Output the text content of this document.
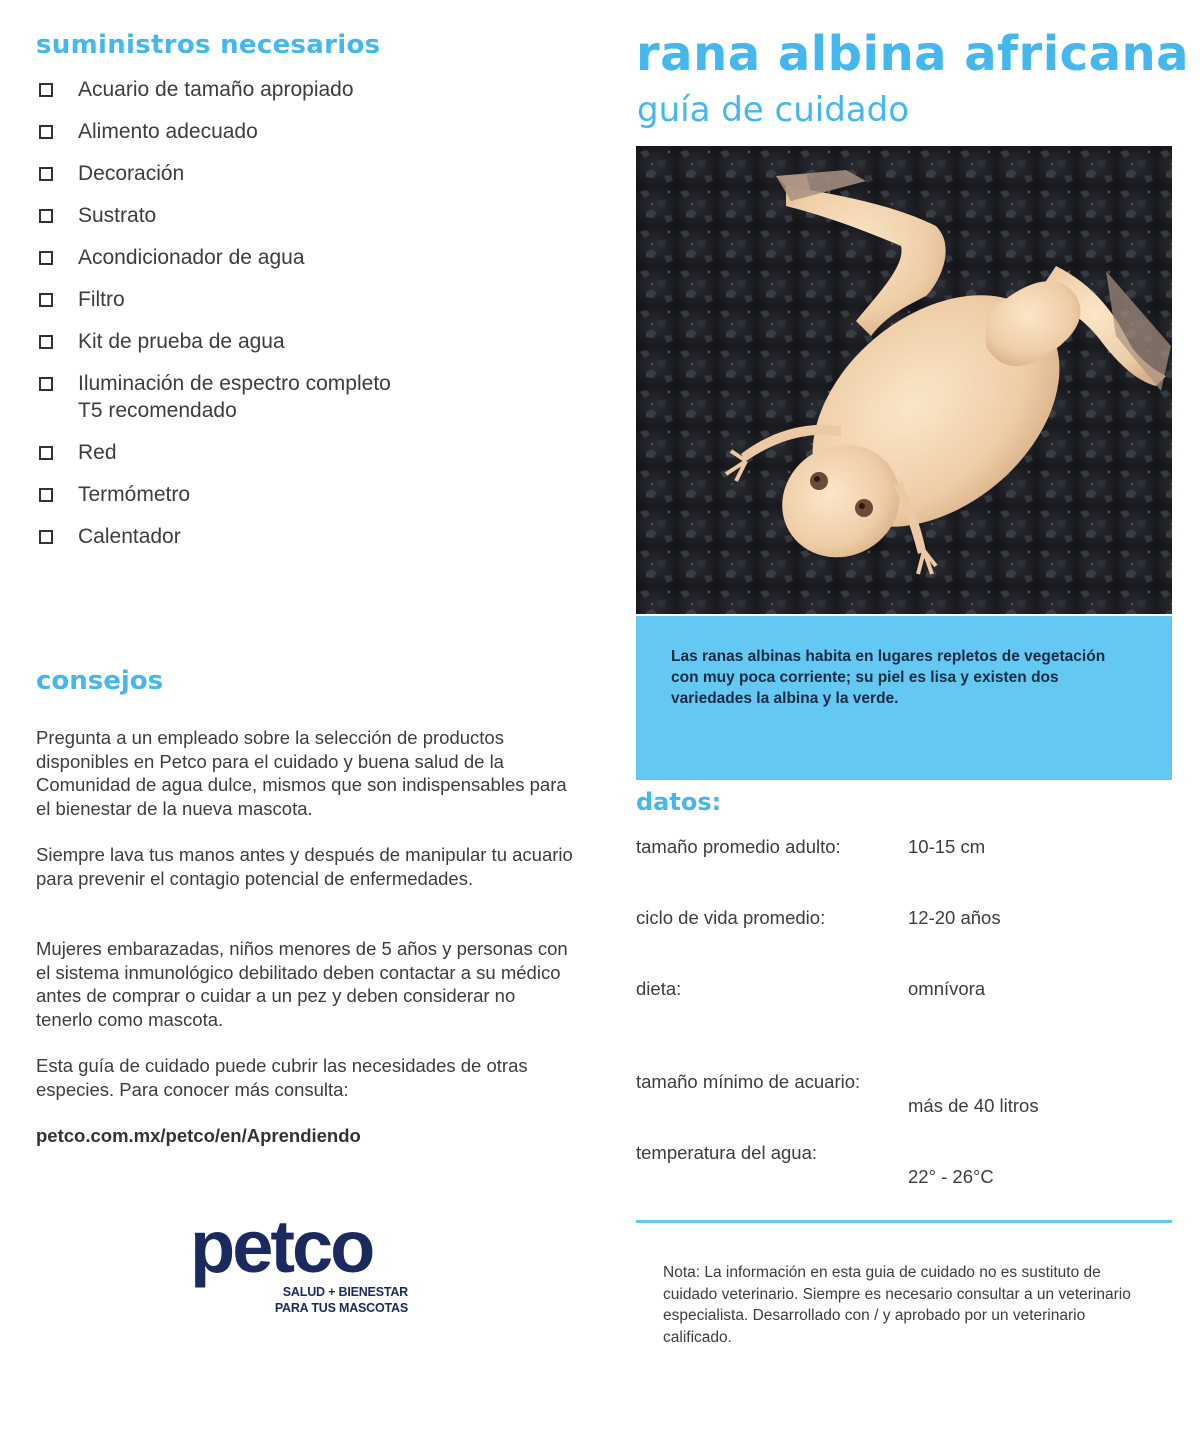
suministros necesarios
Acuario de tamaño apropiado
Alimento adecuado
Decoración
Sustrato
Acondicionador de agua
Filtro
Kit de prueba de agua
Iluminación de espectro completo
T5 recomendado
Red
Termómetro
Calentador
consejos

Pregunta a un empleado sobre la selección de productos disponibles en Petco para el cuidado y buena salud de la Comunidad de agua dulce, mismos que son indispensables para el bienestar de la nueva mascota.

Siempre lava tus manos antes y después de manipular tu acuario para prevenir el contagio potencial de enfermedades.

Mujeres embarazadas, niños menores de 5 años y personas con el sistema inmunológico debilitado deben contactar a su médico antes de comprar o cuidar a un pez y deben considerar no tenerlo como mascota.

Esta guía de cuidado puede cubrir las necesidades de otras especies. Para conocer más consulta:

petco.com.mx/petco/en/Aprendiendo
petco
SALUD + BIENESTAR
PARA TUS MASCOTAS
rana albina africana
guía de cuidado
Las ranas albinas habita en lugares repletos de vegetación con muy poca corriente; su piel es lisa y existen dos variedades la albina y la verde.
datos:
tamaño promedio adulto:	10-15 cm
ciclo de vida promedio:	12-20 años
dieta:	omnívora
tamaño mínimo de acuario:
más de 40 litros
temperatura del agua:
22° - 26°C

Nota: La información en esta guia de cuidado no es sustituto de cuidado veterinario. Siempre es necesario consultar a un veterinario especialista. Desarrollado con / y aprobado por un veterinario calificado.
